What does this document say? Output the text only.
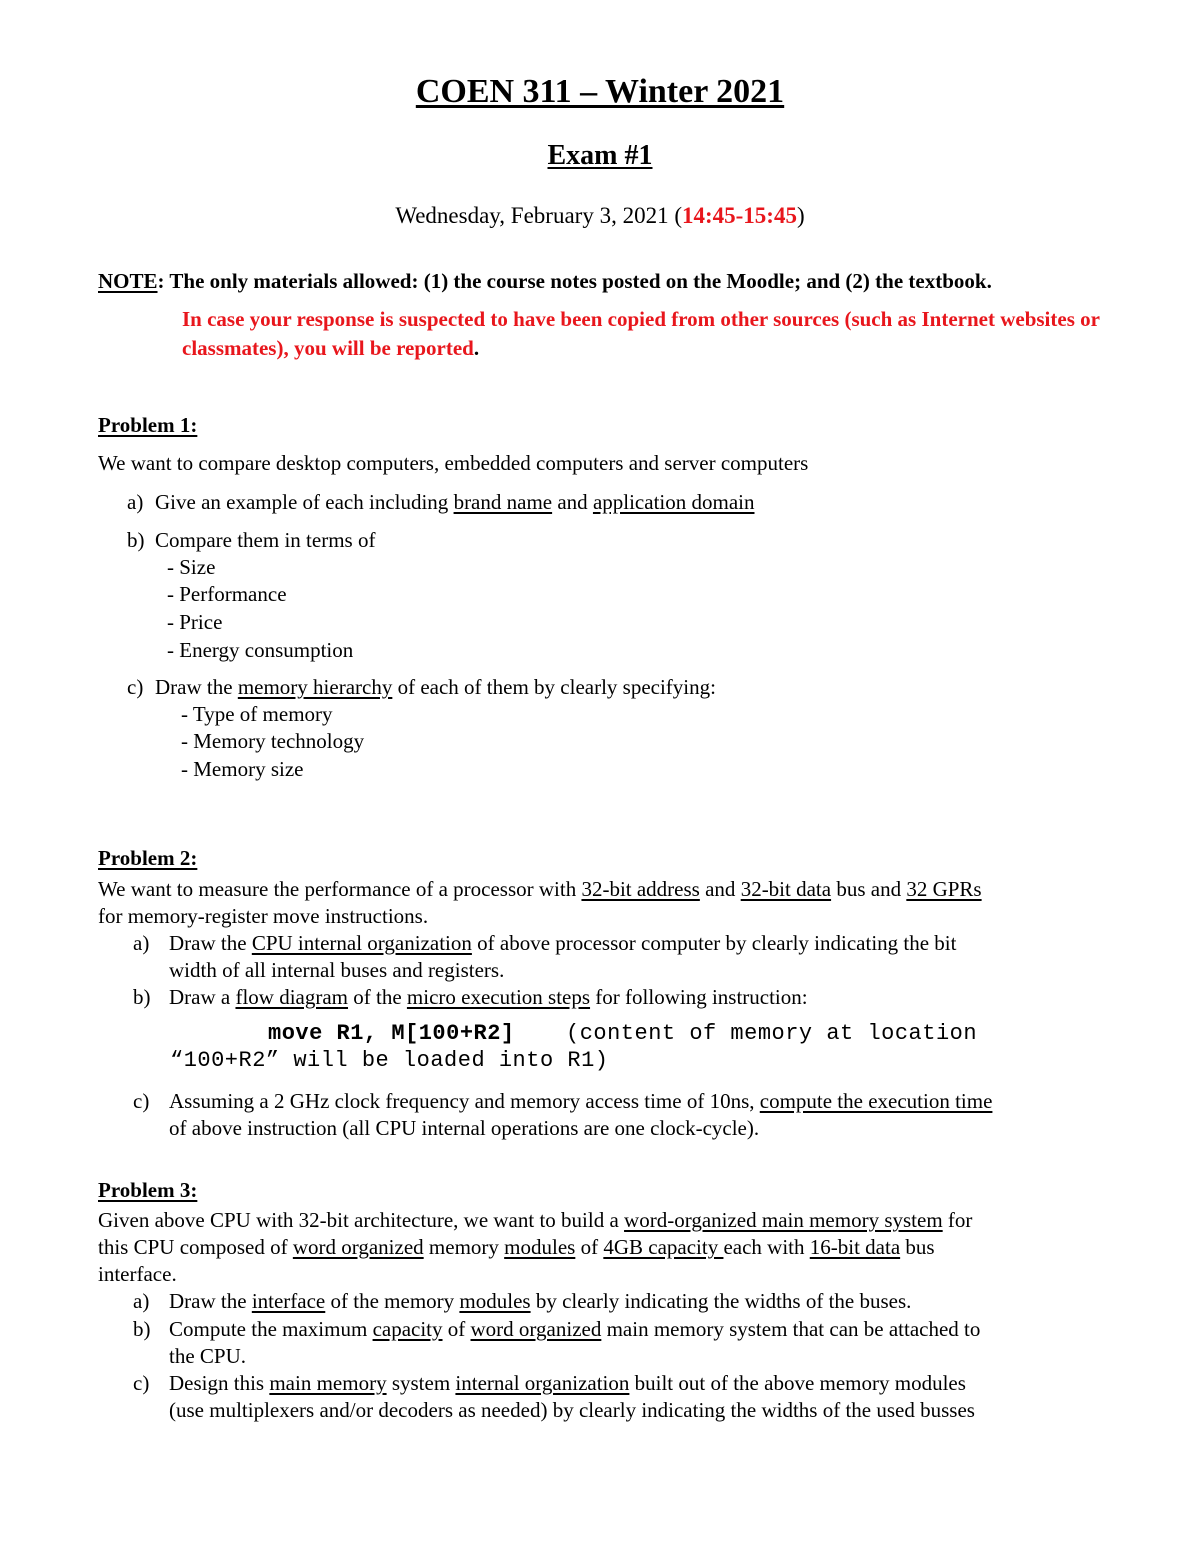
COEN 311 – Winter 2021
Exam #1
Wednesday, February 3, 2021 (14:45-15:45)
NOTE: The only materials allowed: (1) the course notes posted on the Moodle; and (2) the textbook.
In case your response is suspected to have been copied from other sources (such as Internet websites or classmates), you will be reported.
Problem 1:
We want to compare desktop computers, embedded computers and server computers
a) Give an example of each including brand name and application domain
b) Compare them in terms of
- Size
- Performance
- Price
- Energy consumption
c) Draw the memory hierarchy of each of them by clearly specifying:
- Type of memory
- Memory technology
- Memory size
Problem 2:
We want to measure the performance of a processor with 32-bit address and 32-bit data bus and 32 GPRs
for memory-register move instructions.
a) Draw the CPU internal organization of above processor computer by clearly indicating the bit
width of all internal buses and registers.
b) Draw a flow diagram of the micro execution steps for following instruction:
move R1, M[100+R2] (content of memory at location
“100+R2” will be loaded into R1)
c) Assuming a 2 GHz clock frequency and memory access time of 10ns, compute the execution time
of above instruction (all CPU internal operations are one clock-cycle).
Problem 3:
Given above CPU with 32-bit architecture, we want to build a word-organized main memory system for
this CPU composed of word organized memory modules of 4GB capacity each with 16-bit data bus
interface.
a) Draw the interface of the memory modules by clearly indicating the widths of the buses.
b) Compute the maximum capacity of word organized main memory system that can be attached to
the CPU.
c) Design this main memory system internal organization built out of the above memory modules
(use multiplexers and/or decoders as needed) by clearly indicating the widths of the used busses
